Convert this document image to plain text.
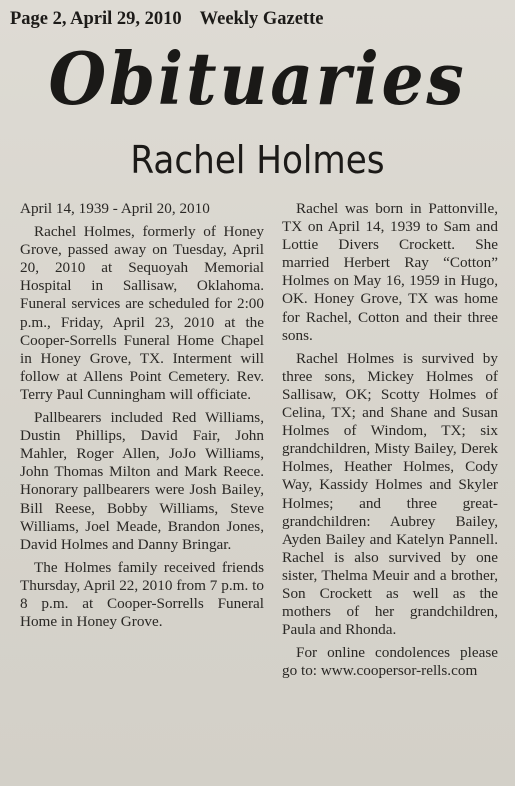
Page 2, April 29, 2010 Weekly Gazette
Obituaries
Rachel Holmes

April 14, 1939 - April 20, 2010

Rachel Holmes, formerly of Honey Grove, passed away on Tuesday, April 20, 2010 at Sequoyah Memorial Hospital in Sallisaw, Oklahoma. Funeral services are scheduled for 2:00 p.m., Friday, April 23, 2010 at the Cooper-Sorrells Funeral Home Chapel in Honey Grove, TX. Interment will follow at Allens Point Cemetery. Rev. Terry Paul Cunningham will officiate.

Pallbearers included Red Williams, Dustin Phillips, David Fair, John Mahler, Roger Allen, JoJo Williams, John Thomas Milton and Mark Reece. Honorary pallbearers were Josh Bailey, Bill Reese, Bobby Williams, Steve Williams, Joel Meade, Brandon Jones, David Holmes and Danny Bringar.

The Holmes family received friends Thursday, April 22, 2010 from 7 p.m. to 8 p.m. at Cooper-Sorrells Funeral Home in Honey Grove.

Rachel was born in Pattonville, TX on April 14, 1939 to Sam and Lottie Divers Crockett. She married Herbert Ray “Cotton” Holmes on May 16, 1959 in Hugo, OK. Honey Grove, TX was home for Rachel, Cotton and their three sons.

Rachel Holmes is survived by three sons, Mickey Holmes of Sallisaw, OK; Scotty Holmes of Celina, TX; and Shane and Susan Holmes of Windom, TX; six grandchildren, Misty Bailey, Derek Holmes, Heather Holmes, Cody Way, Kassidy Holmes and Skyler Holmes; and three great-grandchildren: Aubrey Bailey, Ayden Bailey and Katelyn Pannell. Rachel is also survived by one sister, Thelma Meuir and a brother, Son Crockett as well as the mothers of her grandchildren, Paula and Rhonda.

For online condolences please go to: www.coopersor-rells.com
